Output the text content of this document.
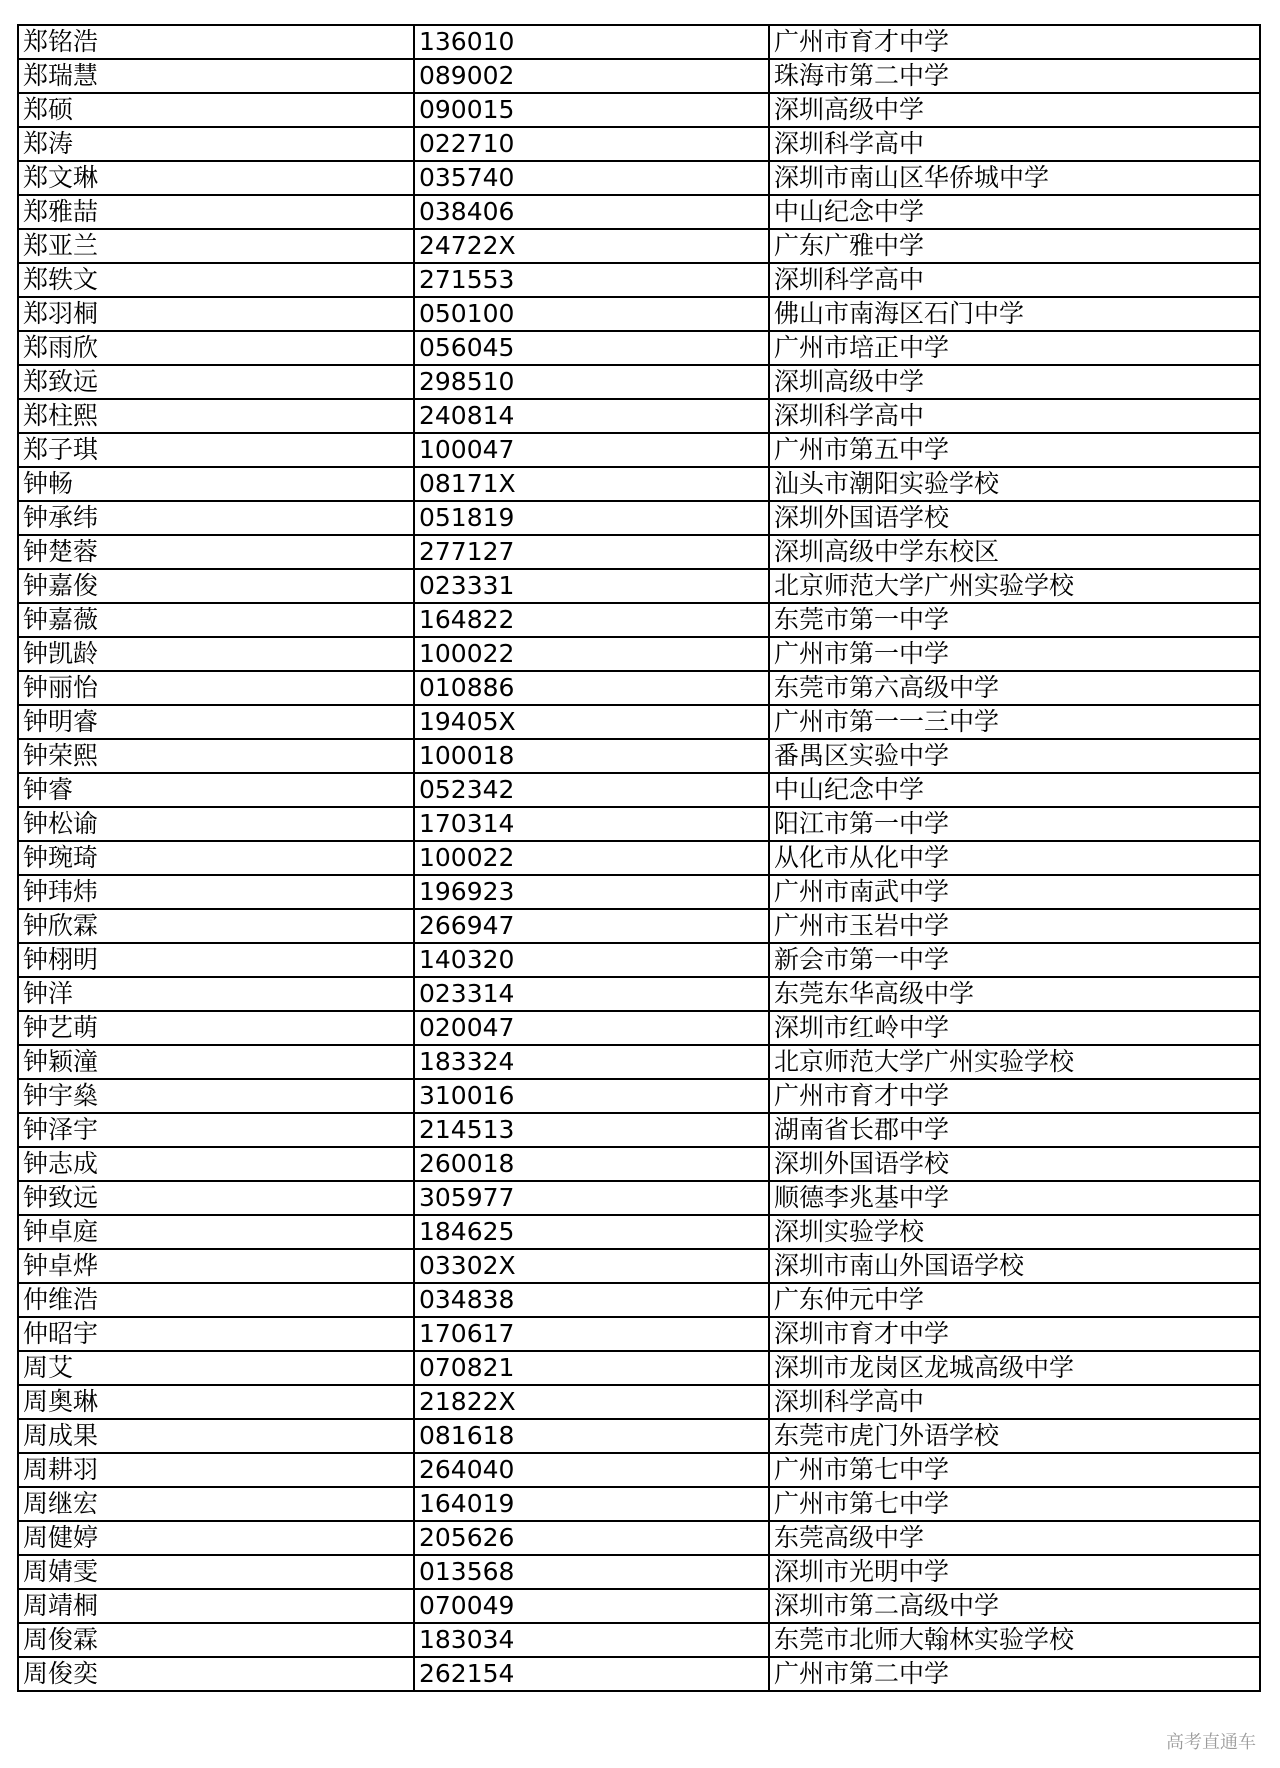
郑铭浩	136010	广州市育才中学
郑瑞慧	089002	珠海市第二中学
郑硕	090015	深圳高级中学
郑涛	022710	深圳科学高中
郑文琳	035740	深圳市南山区华侨城中学
郑雅喆	038406	中山纪念中学
郑亚兰	24722X	广东广雅中学
郑轶文	271553	深圳科学高中
郑羽桐	050100	佛山市南海区石门中学
郑雨欣	056045	广州市培正中学
郑致远	298510	深圳高级中学
郑柱熙	240814	深圳科学高中
郑子琪	100047	广州市第五中学
钟畅	08171X	汕头市潮阳实验学校
钟承纬	051819	深圳外国语学校
钟楚蓉	277127	深圳高级中学东校区
钟嘉俊	023331	北京师范大学广州实验学校
钟嘉薇	164822	东莞市第一中学
钟凯龄	100022	广州市第一中学
钟丽怡	010886	东莞市第六高级中学
钟明睿	19405X	广州市第一一三中学
钟荣熙	100018	番禺区实验中学
钟睿	052342	中山纪念中学
钟松谕	170314	阳江市第一中学
钟琬琦	100022	从化市从化中学
钟玮炜	196923	广州市南武中学
钟欣霖	266947	广州市玉岩中学
钟栩明	140320	新会市第一中学
钟洋	023314	东莞东华高级中学
钟艺萌	020047	深圳市红岭中学
钟颖潼	183324	北京师范大学广州实验学校
钟宇燊	310016	广州市育才中学
钟泽宇	214513	湖南省长郡中学
钟志成	260018	深圳外国语学校
钟致远	305977	顺德李兆基中学
钟卓庭	184625	深圳实验学校
钟卓烨	03302X	深圳市南山外国语学校
仲维浩	034838	广东仲元中学
仲昭宇	170617	深圳市育才中学
周艾	070821	深圳市龙岗区龙城高级中学
周奥琳	21822X	深圳科学高中
周成果	081618	东莞市虎门外语学校
周耕羽	264040	广州市第七中学
周继宏	164019	广州市第七中学
周健婷	205626	东莞高级中学
周婧雯	013568	深圳市光明中学
周靖桐	070049	深圳市第二高级中学
周俊霖	183034	东莞市北师大翰林实验学校
周俊奕	262154	广州市第二中学
高考直通车
